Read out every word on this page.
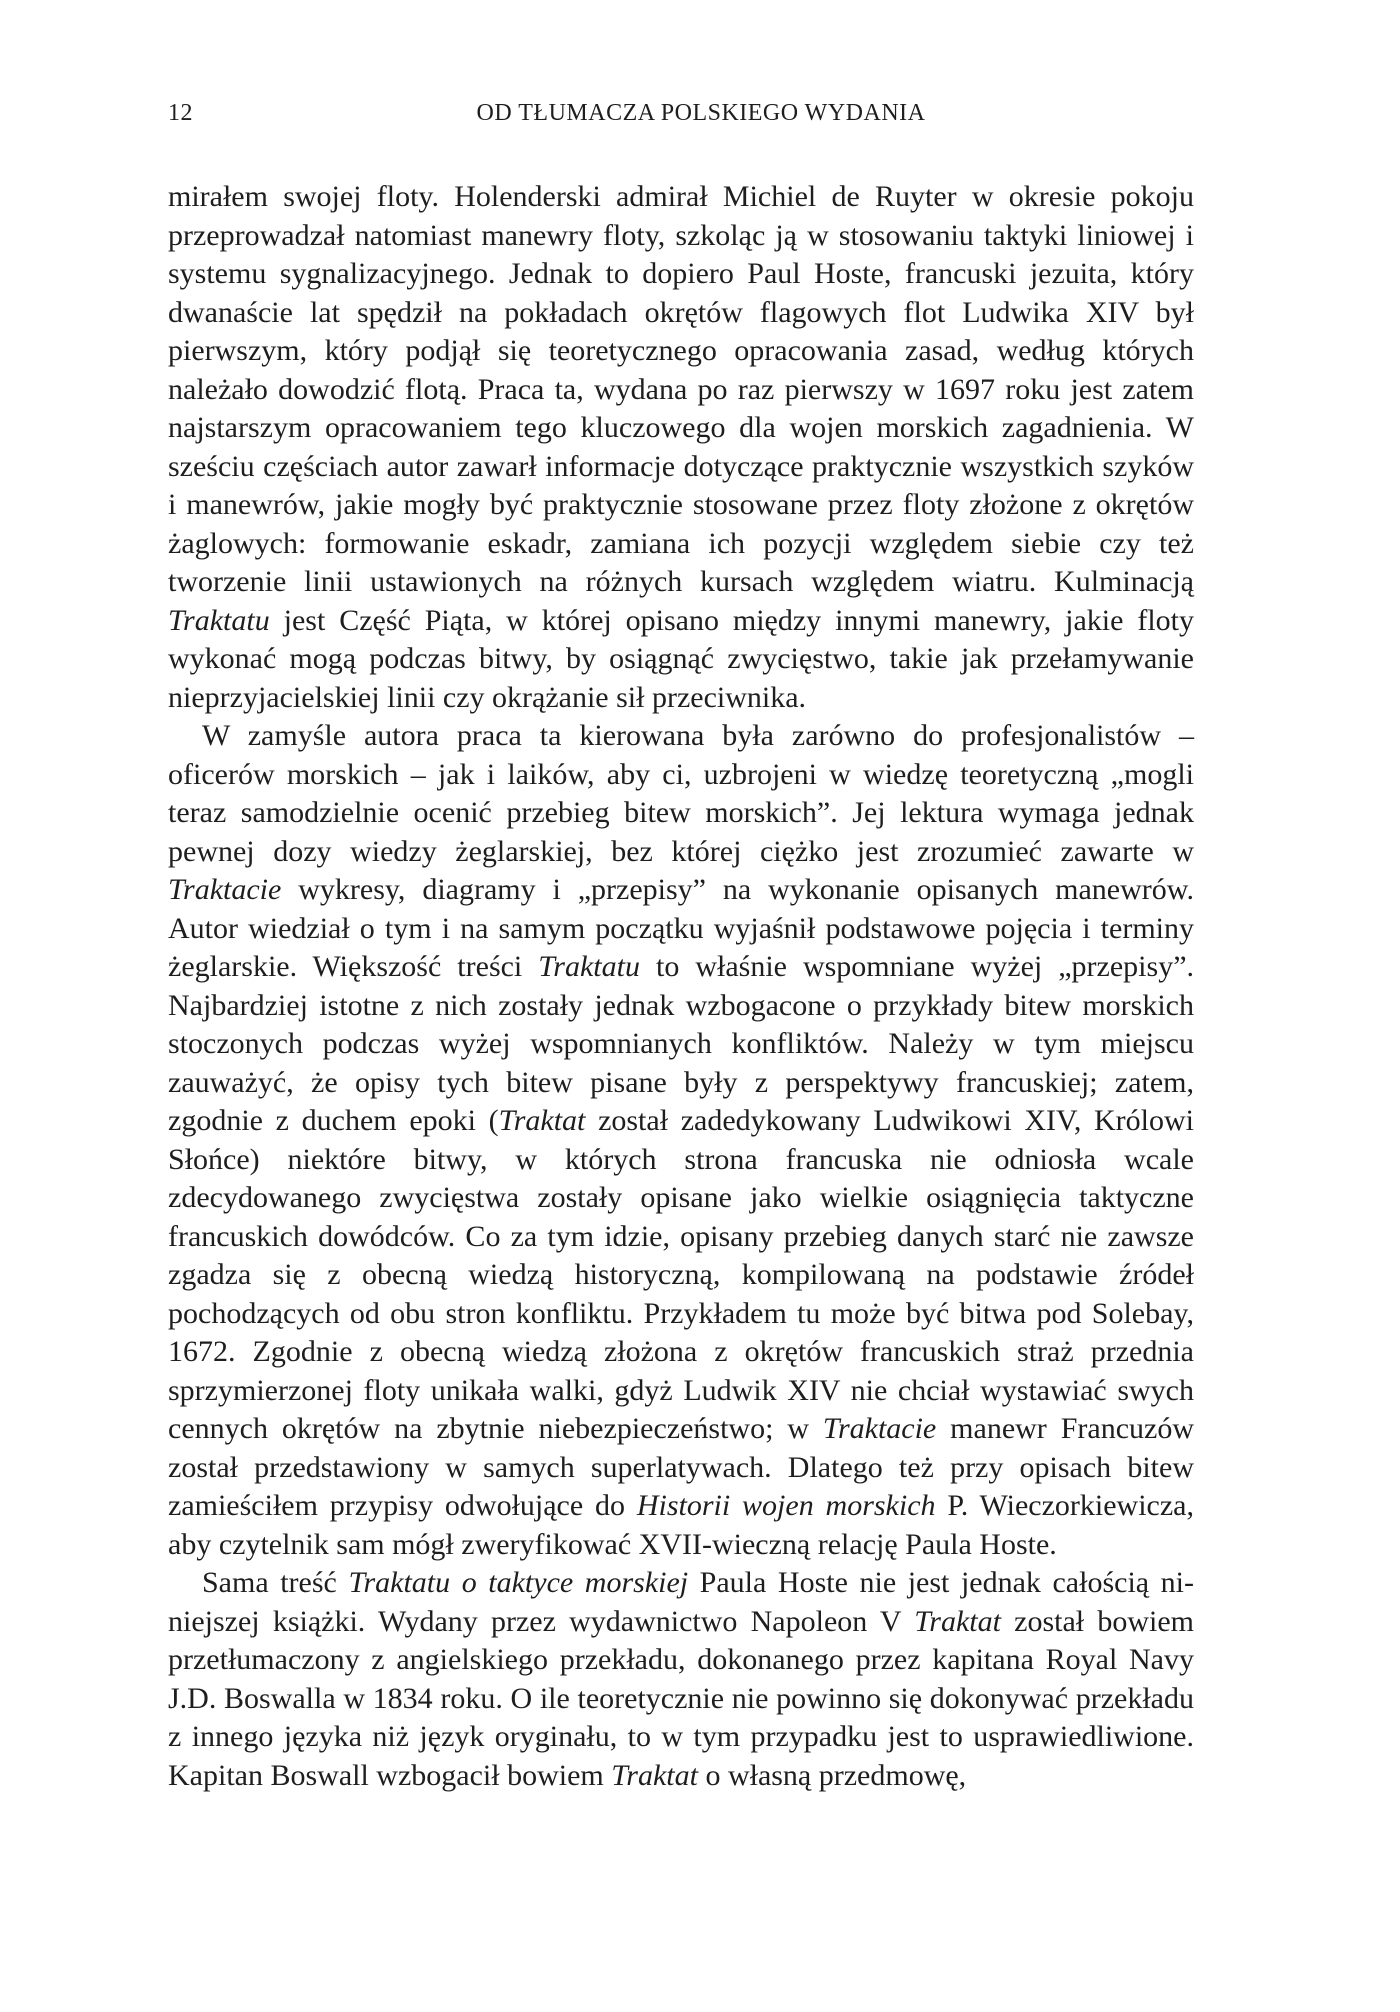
12	OD TŁUMACZA POLSKIEGO WYDANIA

mirałem swojej floty. Holenderski admirał Michiel de Ruyter w okresie pokoju przeprowadzał natomiast manewry floty, szkoląc ją w stosowaniu taktyki liniowej i systemu sygnalizacyjnego. Jednak to dopiero Paul Hoste, francuski jezuita, który dwanaście lat spędził na pokładach okrętów flagowych flot Ludwika XIV był pierwszym, który podjął się teoretycznego opracowania zasad, według których należało dowodzić flotą. Praca ta, wydana po raz pierwszy w 1697 roku jest zatem najstarszym opracowaniem tego kluczowego dla wojen morskich zagadnienia. W sześciu częściach autor zawarł informacje dotyczące praktycznie wszystkich szyków i manewrów, jakie mogły być praktycznie stosowane przez floty złożone z okrętów żaglowych: formowanie eskadr, zamiana ich pozycji względem siebie czy też tworzenie linii ustawionych na różnych kursach względem wiatru. Kulminacją Traktatu jest Część Piąta, w której opisano między innymi manewry, jakie floty wykonać mogą podczas bitwy, by osiągnąć zwycięstwo, takie jak przełamywanie nieprzyjacielskiej linii czy okrążanie sił przeciwnika.

W zamyśle autora praca ta kierowana była zarówno do profesjonalistów – oficerów morskich – jak i laików, aby ci, uzbrojeni w wiedzę teoretyczną „mogli teraz samodzielnie ocenić przebieg bitew morskich”. Jej lektura wymaga jednak pewnej dozy wiedzy żeglarskiej, bez której ciężko jest zrozumieć zawarte w Traktacie wykresy, diagramy i „przepisy” na wykonanie opisanych manewrów. Autor wiedział o tym i na samym początku wyjaśnił podstawowe pojęcia i terminy żeglarskie. Większość treści Traktatu to właśnie wspomniane wyżej „przepisy”. Najbardziej istotne z nich zostały jednak wzbogacone o przykłady bitew morskich stoczonych podczas wyżej wspomnianych konfliktów. Należy w tym miejscu zauważyć, że opisy tych bitew pisane były z perspektywy francuskiej; zatem, zgodnie z duchem epoki (Traktat został zadedykowany Ludwikowi XIV, Królowi Słońce) niektóre bitwy, w których strona francuska nie odniosła wcale zdecydowanego zwycięstwa zostały opisane jako wielkie osiągnięcia taktyczne francuskich dowódców. Co za tym idzie, opisany przebieg danych starć nie zawsze zgadza się z obecną wiedzą historyczną, kompilowaną na podstawie źródeł pochodzących od obu stron konfliktu. Przykładem tu może być bitwa pod Solebay, 1672. Zgodnie z obecną wiedzą złożona z okrętów francuskich straż przednia sprzymierzonej floty unikała walki, gdyż Ludwik XIV nie chciał wystawiać swych cennych okrętów na zbytnie niebezpieczeństwo; w Traktacie manewr Francuzów został przedstawiony w samych superlatywach. Dlatego też przy opisach bitew zamieściłem przypisy odwołujące do Historii wojen morskich P. Wieczorkiewicza, aby czytelnik sam mógł zweryfikować XVII-wieczną relację Paula Hoste.

Sama treść Traktatu o taktyce morskiej Paula Hoste nie jest jednak całością niniejszej książki. Wydany przez wydawnictwo Napoleon V Traktat został bowiem przetłumaczony z angielskiego przekładu, dokonanego przez kapitana Royal Navy J.D. Boswalla w 1834 roku. O ile teoretycznie nie powinno się dokonywać przekładu z innego języka niż język oryginału, to w tym przypadku jest to usprawiedliwione. Kapitan Boswall wzbogacił bowiem Traktat o własną przedmowę,
